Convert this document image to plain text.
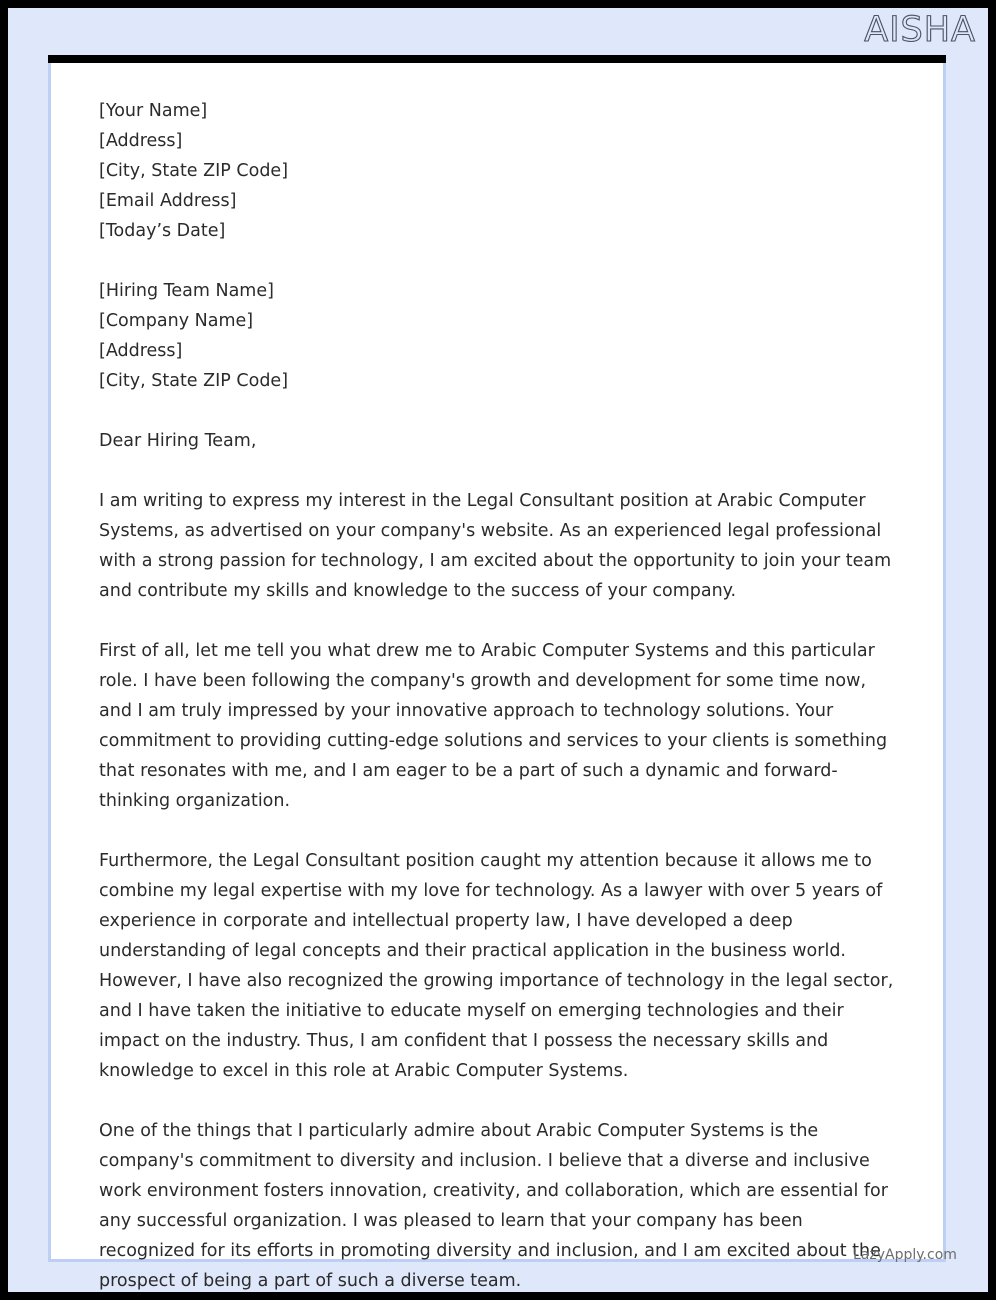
AISHA
[Your Name]
[Address]
[City, State ZIP Code]
[Email Address]
[Today’s Date]
[Hiring Team Name]
[Company Name]
[Address]
[City, State ZIP Code]

Dear Hiring Team,

I am writing to express my interest in the Legal Consultant position at Arabic Computer Systems, as advertised on your company's website. As an experienced legal professional with a strong passion for technology, I am excited about the opportunity to join your team and contribute my skills and knowledge to the success of your company.

First of all, let me tell you what drew me to Arabic Computer Systems and this particular role. I have been following the company's growth and development for some time now, and I am truly impressed by your innovative approach to technology solutions. Your commitment to providing cutting-edge solutions and services to your clients is something that resonates with me, and I am eager to be a part of such a dynamic and forward-thinking organization.

Furthermore, the Legal Consultant position caught my attention because it allows me to combine my legal expertise with my love for technology. As a lawyer with over 5 years of experience in corporate and intellectual property law, I have developed a deep understanding of legal concepts and their practical application in the business world. However, I have also recognized the growing importance of technology in the legal sector, and I have taken the initiative to educate myself on emerging technologies and their impact on the industry. Thus, I am confident that I possess the necessary skills and knowledge to excel in this role at Arabic Computer Systems.

One of the things that I particularly admire about Arabic Computer Systems is the company's commitment to diversity and inclusion. I believe that a diverse and inclusive work environment fosters innovation, creativity, and collaboration, which are essential for any successful organization. I was pleased to learn that your company has been recognized for its efforts in promoting diversity and inclusion, and I am excited about the prospect of being a part of such a diverse team.

LazyApply.com
